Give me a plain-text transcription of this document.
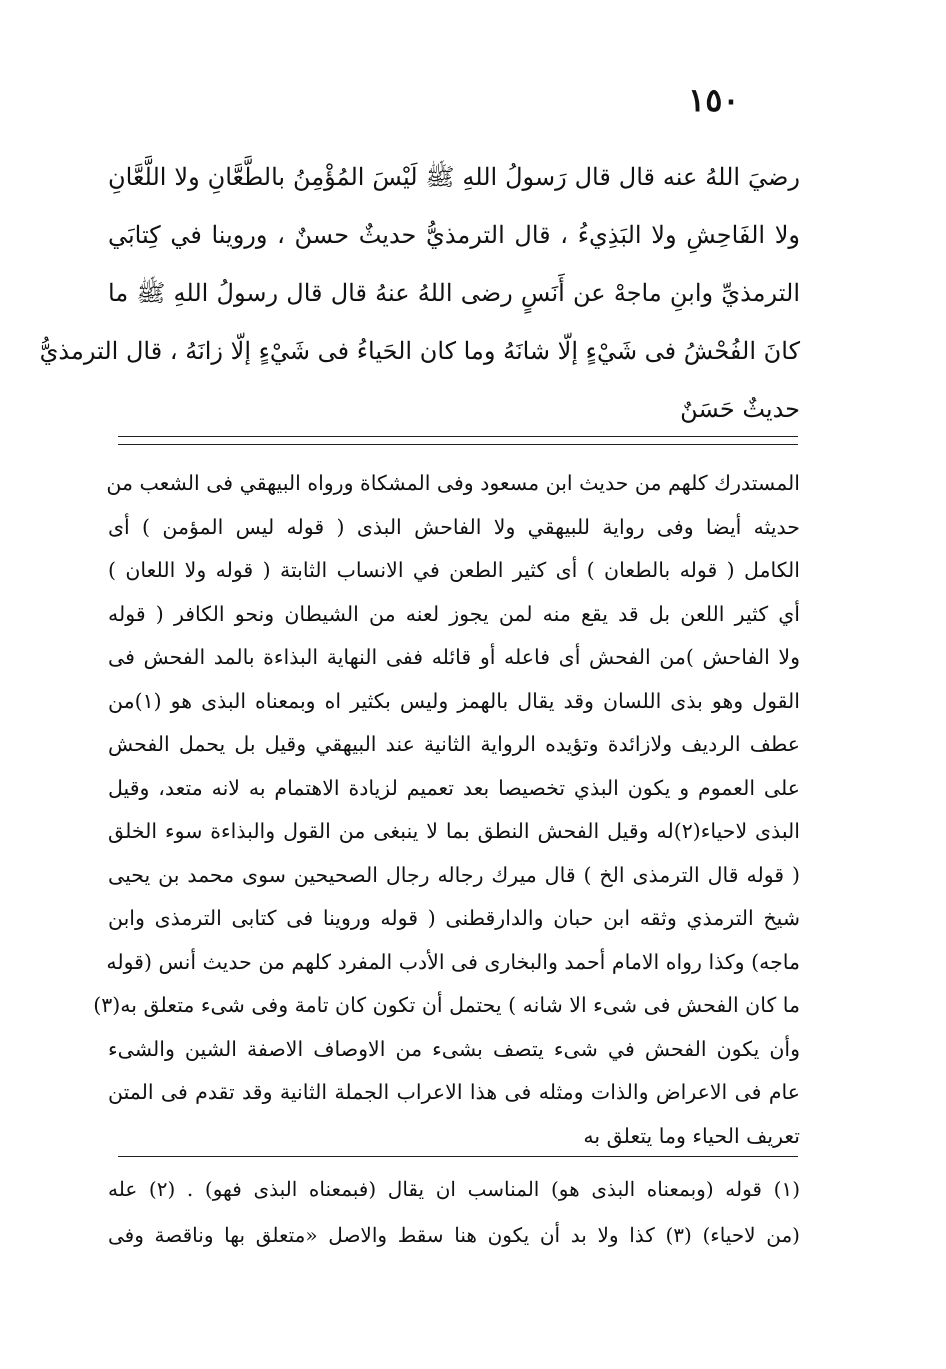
١٥٠
رضيَ اللهُ عنه قال قال رَسولُ اللهِ ﷺ لَيْسَ المُؤْمِنُ بالطَّعَّانِ ولا اللَّعَّانِ
ولا الفَاحِشِ ولا البَذِيءُ ، قال الترمذيُّ حديثٌ حسنٌ ، وروينا في كِتابَي
الترمذيِّ وابنِ ماجهْ عن أَنَسٍ رضى اللهُ عنهُ قال قال رسولُ اللهِ ﷺ ما
كانَ الفُحْشُ فى شَيْءٍ إلّا شانَهُ وما كان الحَياءُ فى شَيْءٍ إلّا زانَهُ ، قال الترمذيُّ
حديثٌ حَسَنٌ
المستدرك كلهم من حديث ابن مسعود وفى المشكاة ورواه البيهقي فى الشعب من
حديثه أيضا وفى رواية للبيهقي ولا الفاحش البذى ( قوله ليس المؤمن ) أى
الكامل ( قوله بالطعان ) أى كثير الطعن في الانساب الثابتة ( قوله ولا اللعان )
أي كثير اللعن بل قد يقع منه لمن يجوز لعنه من الشيطان ونحو الكافر ( قوله
ولا الفاحش )من الفحش أى فاعله أو قائله ففى النهاية البذاءة بالمد الفحش فى
القول وهو بذى اللسان وقد يقال بالهمز وليس بكثير اه وبمعناه البذى هو (١)من
عطف الرديف ولازائدة وتؤيده الرواية الثانية عند البيهقي وقيل بل يحمل الفحش
على العموم و يكون البذي تخصيصا بعد تعميم لزيادة الاهتمام به لانه متعد، وقيل
البذى لاحياء(٢)له وقيل الفحش النطق بما لا ينبغى من القول والبذاءة سوء الخلق
( قوله قال الترمذى الخ ) قال ميرك رجاله رجال الصحيحين سوى محمد بن يحيى
شيخ الترمذي وثقه ابن حبان والدارقطنى ( قوله وروينا فى كتابى الترمذى وابن
ماجه) وكذا رواه الامام أحمد والبخارى فى الأدب المفرد كلهم من حديث أنس (قوله
ما كان الفحش فى شىء الا شانه ) يحتمل أن تكون كان تامة وفى شىء متعلق به(٣)
وأن يكون الفحش في شىء يتصف بشىء من الاوصاف الاصفة الشين والشىء
عام فى الاعراض والذات ومثله فى هذا الاعراب الجملة الثانية وقد تقدم فى المتن
تعريف الحياء وما يتعلق به
(١) قوله (وبمعناه البذى هو) المناسب ان يقال (فبمعناه البذى فهو) . (٢) عله
(من لاحياء) (٣) كذا ولا بد أن يكون هنا سقط والاصل «متعلق بها وناقصة وفى
